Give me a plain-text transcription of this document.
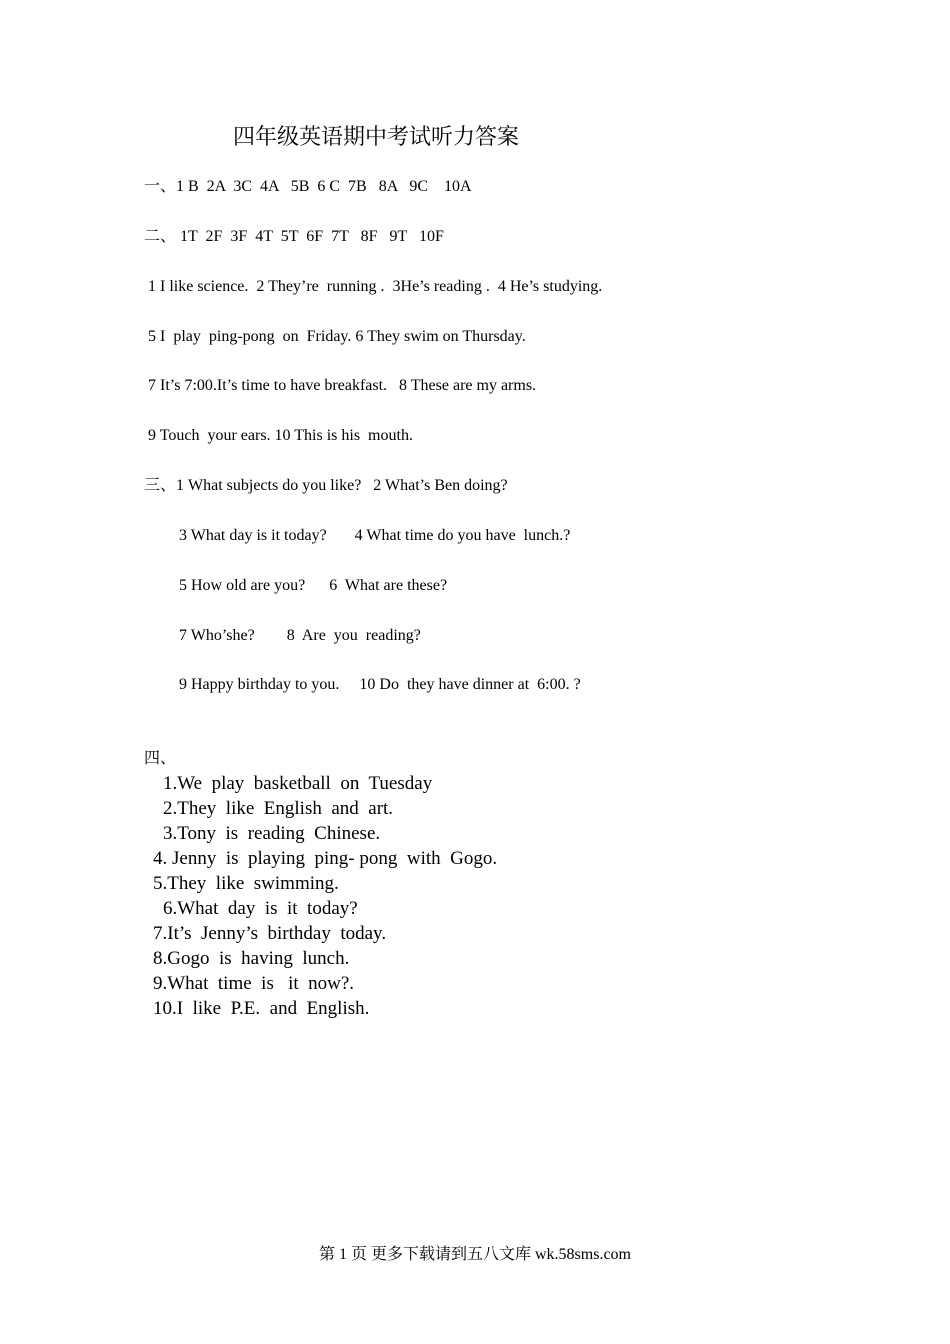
四年级英语期中考试听力答案
一、1 B  2A  3C  4A   5B  6 C  7B   8A   9C    10A
二、 1T  2F  3F  4T  5T  6F  7T   8F   9T   10F
1 I like science.  2 They’re  running .  3He’s reading .  4 He’s studying.
5 I  play  ping-pong  on  Friday. 6 They swim on Thursday.
7 It’s 7:00.It’s time to have breakfast.   8 These are my arms.
9 Touch  your ears. 10 This is his  mouth.
三、1 What subjects do you like?   2 What’s Ben doing?
3 What day is it today?       4 What time do you have  lunch.?
5 How old are you?      6  What are these?
7 Who’she?        8  Are  you  reading?
9 Happy birthday to you.     10 Do  they have dinner at  6:00. ?
四、
1.We  play  basketball  on  Tuesday
2.They  like  English  and  art.
3.Tony  is  reading  Chinese.
4. Jenny  is  playing  ping- pong  with  Gogo.
5.They  like  swimming.
6.What  day  is  it  today?
7.It’s  Jenny’s  birthday  today.
8.Gogo  is  having  lunch.
9.What  time  is   it  now?.
10.I  like  P.E.  and  English.
第 1 页 更多下载请到五八文库 wk.58sms.com
